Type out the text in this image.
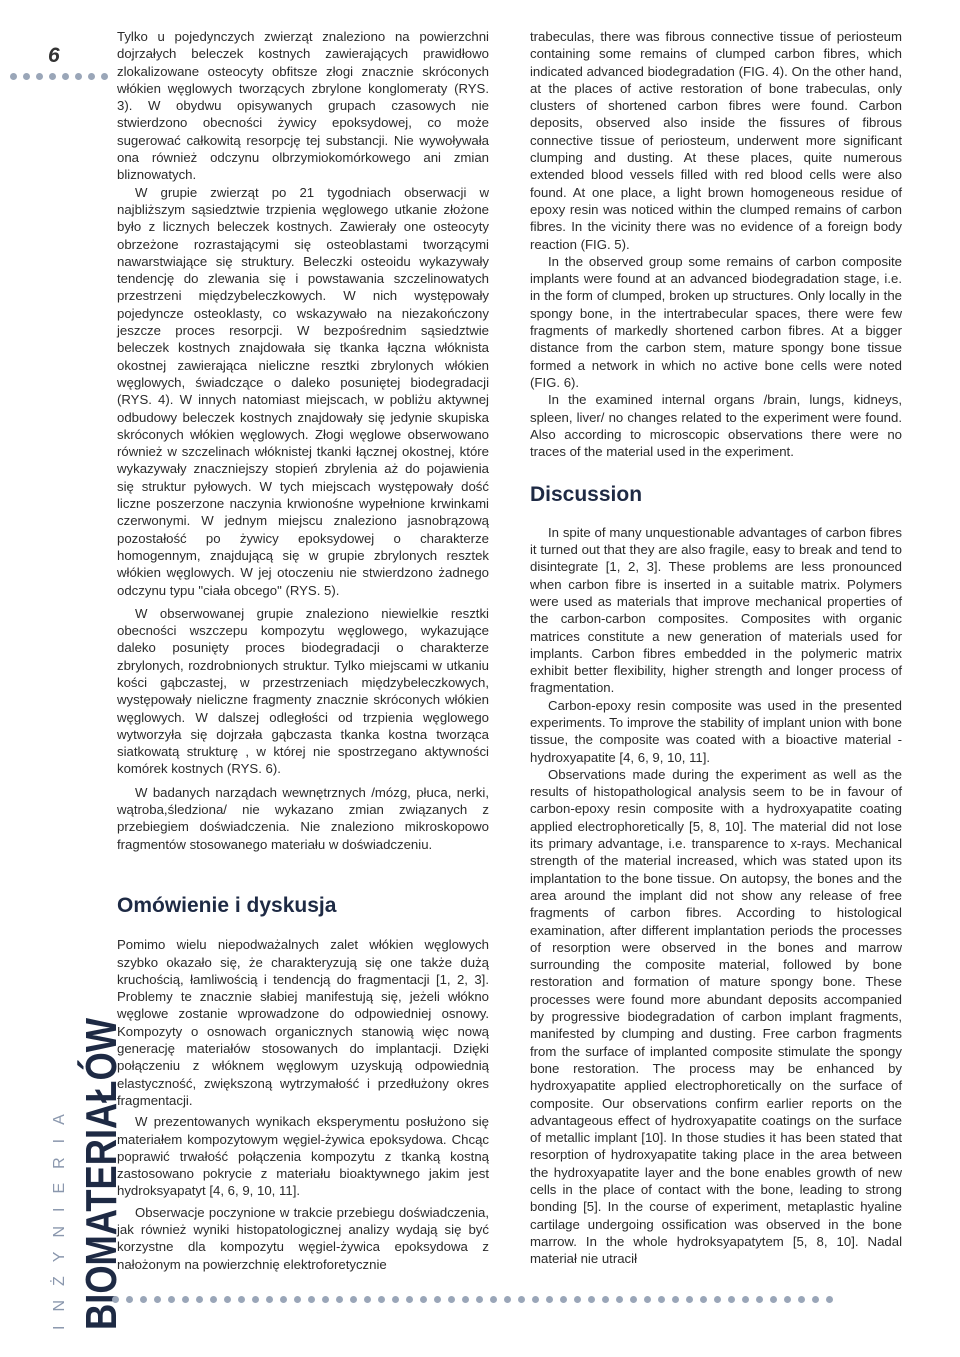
6

Tylko u pojedynczych zwierząt znaleziono na powierzchni dojrzałych beleczek kostnych zawierających prawidłowo zlokalizowane osteocyty obfitsze złogi znacznie skróconych włókien węglowych tworzących zbrylone konglomeraty (RYS. 3). W obydwu opisywanych grupach czasowych nie stwierdzono obecności żywicy epoksydowej, co może sugerować całkowitą resorpcję tej substancji. Nie wywoływała ona również odczynu olbrzymiokomórkowego ani zmian bliznowatych.

W grupie zwierząt po 21 tygodniach obserwacji w najbliższym sąsiedztwie trzpienia węglowego utkanie złożone było z licznych beleczek kostnych. Zawierały one osteocyty obrzeżone rozrastającymi się osteoblastami tworzącymi nawarstwiające się struktury. Beleczki osteoidu wykazywały tendencję do zlewania się i powstawania szczelinowatych przestrzeni międzybeleczkowych. W nich występowały pojedyncze osteoklasty, co wskazywało na niezakończony jeszcze proces resorpcji. W bezpośrednim sąsiedztwie beleczek kostnych znajdowała się tkanka łączna włóknista okostnej zawierająca nieliczne resztki zbrylonych włókien węglowych, świadczące o daleko posuniętej biodegradacji (RYS. 4). W innych natomiast miejscach, w pobliżu aktywnej odbudowy beleczek kostnych znajdowały się jedynie skupiska skróconych włókien węglowych. Złogi węglowe obserwowano również w szczelinach włóknistej tkanki łącznej okostnej, które wykazywały znaczniejszy stopień zbrylenia aż do pojawienia się struktur pyłowych. W tych miejscach występowały dość liczne poszerzone naczynia krwionośne wypełnione krwinkami czerwonymi. W jednym miejscu znaleziono jasnobrązową pozostałość po żywicy epoksydowej o charakterze homogennym, znajdującą się w grupie zbrylonych resztek włókien węglowych. W jej otoczeniu nie stwierdzono żadnego odczynu typu "ciała obcego" (RYS. 5).

W obserwowanej grupie znaleziono niewielkie resztki obecności wszczepu kompozytu węglowego, wykazujące daleko posunięty proces biodegradacji o charakterze zbrylonych, rozdrobnionych struktur. Tylko miejscami w utkaniu kości gąbczastej, w przestrzeniach międzybeleczkowych, występowały nieliczne fragmenty znacznie skróconych włókien węglowych. W dalszej odległości od trzpienia węglowego wytworzyła się dojrzała gąbczasta tkanka kostna tworząca siatkowatą strukturę , w której nie spostrzegano aktywności komórek kostnych (RYS. 6).

W badanych narządach wewnętrznych /mózg, płuca, nerki, wątroba,śledziona/ nie wykazano zmian związanych z przebiegiem doświadczenia. Nie znaleziono mikroskopowo fragmentów stosowanego materiału w doświadczeniu.

Omówienie i dyskusja

Pomimo wielu niepodważalnych zalet włókien węglowych szybko okazało się, że charakteryzują się one także dużą kruchością, łamliwością i tendencją do fragmentacji [1, 2, 3]. Problemy te znacznie słabiej manifestują się, jeżeli włókno węglowe zostanie wprowadzone do odpowiedniej osnowy. Kompozyty o osnowach organicznych stanowią więc nową generację materiałów stosowanych do implantacji. Dzięki połączeniu z włóknem węglowym uzyskują odpowiednią elastyczność, zwiększoną wytrzymałość i przedłużony okres fragmentacji.

W prezentowanych wynikach eksperymentu posłużono się materiałem kompozytowym węgiel-żywica epoksydowa. Chcąc poprawić trwałość połączenia kompozytu z tkanką kostną zastosowano pokrycie z materiału bioaktywnego jakim jest hydroksyapatyt [4, 6, 9, 10, 11].

Obserwacje poczynione w trakcie przebiegu doświadczenia, jak również wyniki histopatologicznej analizy wydają się być korzystne dla kompozytu węgiel-żywica epoksydowa z nałożonym na powierzchnię elektroforetycznie

trabeculas, there was fibrous connective tissue of periosteum containing some remains of clumped carbon fibres, which indicated advanced biodegradation (FIG. 4). On the other hand, at the places of active restoration of bone trabeculas, only clusters of shortened carbon fibres were found. Carbon deposits, observed also inside the fissures of fibrous connective tissue of periosteum, underwent more significant clumping and dusting. At these places, quite numerous extended blood vessels filled with red blood cells were also found. At one place, a light brown homogeneous residue of epoxy resin was noticed within the clumped remains of carbon fibres. In the vicinity there was no evidence of a foreign body reaction (FIG. 5).

In the observed group some remains of carbon composite implants were found at an advanced biodegradation stage, i.e. in the form of clumped, broken up structures. Only locally in the spongy bone, in the intertrabecular spaces, there were few fragments of markedly shortened carbon fibres. At a bigger distance from the carbon stem, mature spongy bone tissue formed a network in which no active bone cells were noted (FIG. 6).

In the examined internal organs /brain, lungs, kidneys, spleen, liver/ no changes related to the experiment were found. Also according to microscopic observations there were no traces of the material used in the experiment.

Discussion

In spite of many unquestionable advantages of carbon fibres it turned out that they are also fragile, easy to break and tend to disintegrate [1, 2, 3]. These problems are less pronounced when carbon fibre is inserted in a suitable matrix. Polymers were used as materials that improve mechanical properties of the carbon-carbon composites. Composites with organic matrices constitute a new generation of materials used for implants. Carbon fibres embedded in the polymeric matrix exhibit better flexibility, higher strength and longer process of fragmentation.

Carbon-epoxy resin composite was used in the presented experiments. To improve the stability of implant union with bone tissue, the composite was coated with a bioactive material - hydroxyapatite [4, 6, 9, 10, 11].

Observations made during the experiment as well as the results of histopathological analysis seem to be in favour of carbon-epoxy resin composite with a hydroxyapatite coating applied electrophoretically [5, 8, 10]. The material did not lose its primary advantage, i.e. transparence to x-rays. Mechanical strength of the material increased, which was stated upon its implantation to the bone tissue. On autopsy, the bones and the area around the implant did not show any release of free fragments of carbon fibres. According to histological examination, after different implantation periods the processes of resorption were observed in the bones and marrow surrounding the composite material, followed by bone restoration and formation of mature spongy bone. These processes were found more abundant deposits accompanied by progressive biodegradation of carbon implant fragments, manifested by clumping and dusting. Free carbon fragments from the surface of implanted composite stimulate the spongy bone restoration. The process may be enhanced by hydroxyapatite applied electrophoretically on the surface of composite. Our observations confirm earlier reports on the advantageous effect of hydroxyapatite coatings on the surface of metallic implant [10]. In those studies it has been stated that resorption of hydroxyapatite taking place in the area between the hydroxyapatite layer and the bone enables growth of new cells in the place of contact with the bone, leading to strong bonding [5]. In the course of experiment, metaplastic hyaline cartilage undergoing ossification was observed in the bone marrow. In the whole hydroksyapatytem [5, 8, 10]. Nadal materiał nie utracił

BIOMATERIAŁÓW
INŻYNIERIA
